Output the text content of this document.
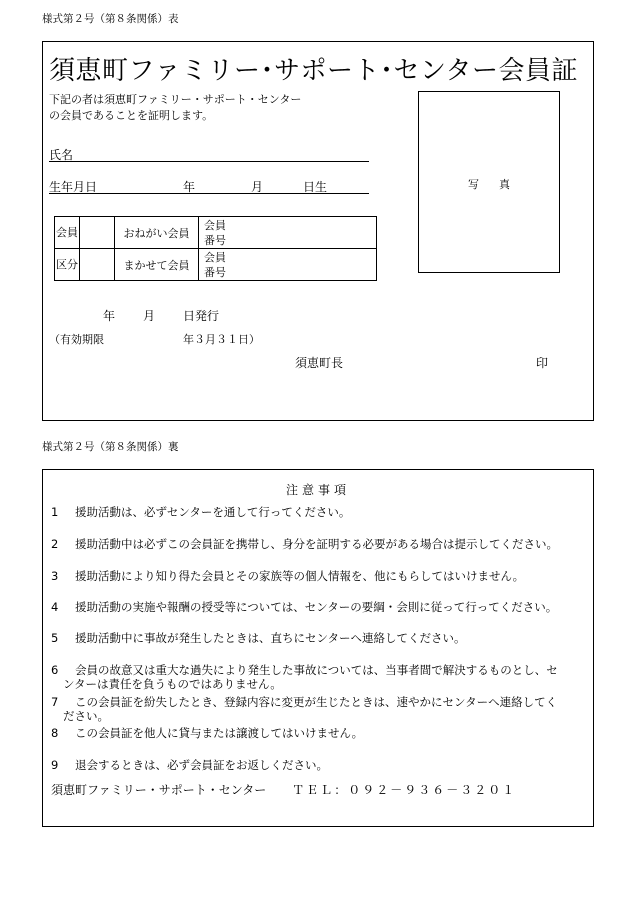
様式第２号（第８条関係）表
須恵町ファミリー･サポート･センター会員証
下記の者は須恵町ファミリー・サポート・センター
の会員であることを証明します。
氏名
生年月日	年	月	日生	写真
会員		おねがい会員	会員
番号

区分		まかせて会員	会員
番号
年 月 日発行
（有効期限	年３月３１日）
須恵町長	印
様式第２号（第８条関係）裏
注意事項
1 援助活動は、必ずセンターを通して行ってください。
2 援助活動中は必ずこの会員証を携帯し、身分を証明する必要がある場合は提示してください。
3 援助活動により知り得た会員とその家族等の個人情報を、他にもらしてはいけません。
4 援助活動の実施や報酬の授受等については、センターの要綱・会則に従って行ってください。
5 援助活動中に事故が発生したときは、直ちにセンターへ連絡してください。
6 会員の故意又は重大な過失により発生した事故については、当事者間で解決するものとし、セ
ンターは責任を負うものではありません。
7 この会員証を紛失したとき、登録内容に変更が生じたときは、速やかにセンターへ連絡してく
ださい。
8 この会員証を他人に貸与または譲渡してはいけません。
9 退会するときは、必ず会員証をお返しください。
須恵町ファミリー・サポート・センター ＴＥＬ：０９２－９３６－３２０１
